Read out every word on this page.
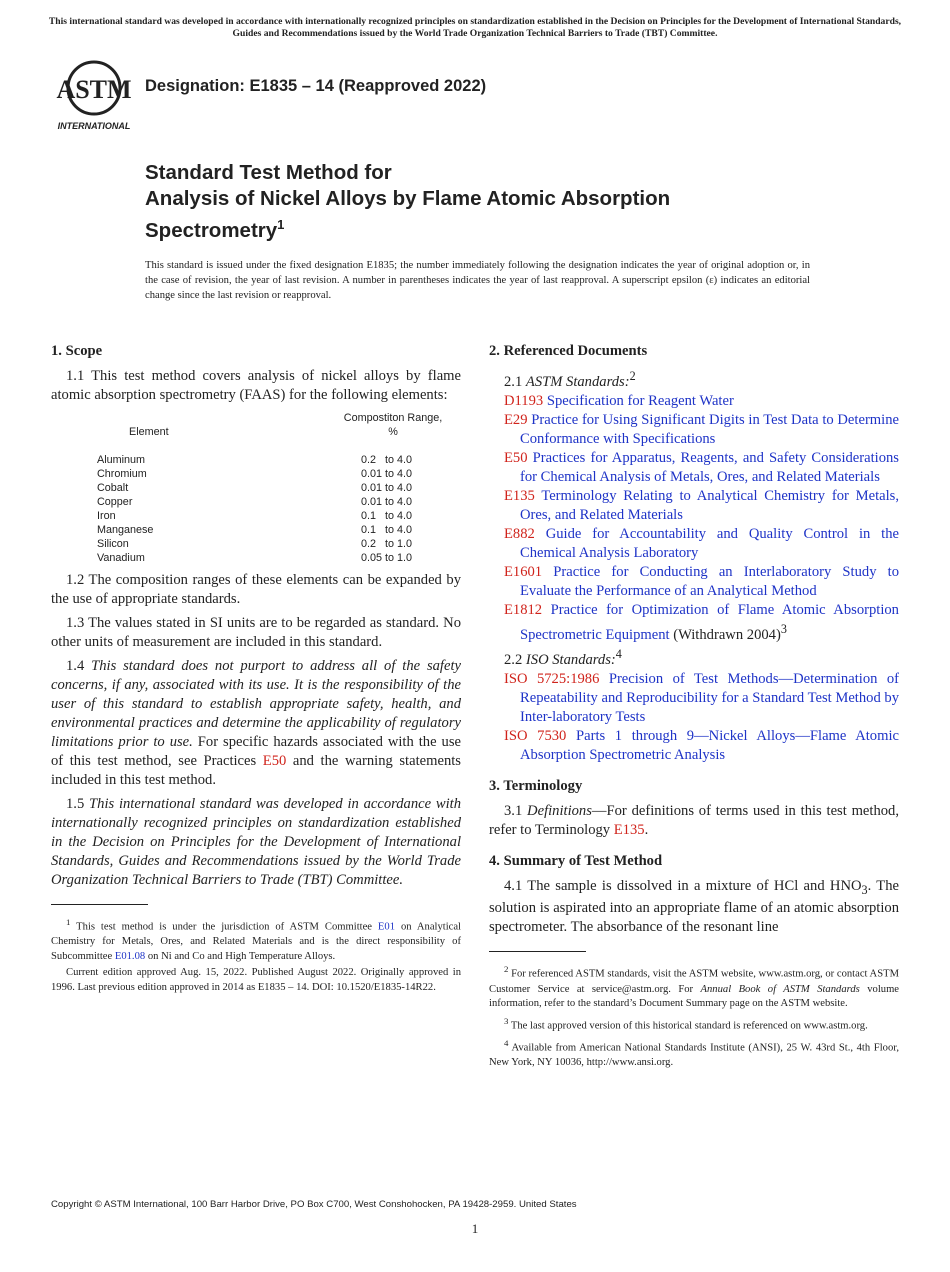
This international standard was developed in accordance with internationally recognized principles on standardization established in the Decision on Principles for the Development of International Standards, Guides and Recommendations issued by the World Trade Organization Technical Barriers to Trade (TBT) Committee.
ASTM
INTERNATIONAL
Designation: E1835 – 14 (Reapproved 2022)
Standard Test Method for
Analysis of Nickel Alloys by Flame Atomic Absorption
Spectrometry$^1$
This standard is issued under the fixed designation E1835; the number immediately following the designation indicates the year of original adoption or, in the case of revision, the year of last revision. A number in parentheses indicates the year of last reapproval. A superscript epsilon (ε) indicates an editorial change since the last revision or reapproval.
1. Scope

1.1 This test method covers analysis of nickel alloys by flame atomic absorption spectrometry (FAAS) for the following elements:

Element	Compostiton Range,
%

Aluminum	0.2   to 4.0
Chromium	0.01 to 4.0
Cobalt	0.01 to 4.0
Copper	0.01 to 4.0
Iron	0.1   to 4.0
Manganese	0.1   to 4.0
Silicon	0.2   to 1.0
Vanadium	0.05 to 1.0

1.2 The composition ranges of these elements can be expanded by the use of appropriate standards.

1.3 The values stated in SI units are to be regarded as standard. No other units of measurement are included in this standard.

1.4 This standard does not purport to address all of the safety concerns, if any, associated with its use. It is the responsibility of the user of this standard to establish appropriate safety, health, and environmental practices and determine the applicability of regulatory limitations prior to use. For specific hazards associated with the use of this test method, see Practices E50 and the warning statements included in this test method.

1.5 This international standard was developed in accordance with internationally recognized principles on standardization established in the Decision on Principles for the Development of International Standards, Guides and Recommendations issued by the World Trade Organization Technical Barriers to Trade (TBT) Committee.

$^1$ This test method is under the jurisdiction of ASTM Committee E01 on Analytical Chemistry for Metals, Ores, and Related Materials and is the direct responsibility of Subcommittee E01.08 on Ni and Co and High Temperature Alloys.

Current edition approved Aug. 15, 2022. Published August 2022. Originally approved in 1996. Last previous edition approved in 2014 as E1835 – 14. DOI: 10.1520/E1835-14R22.

2. Referenced Documents

2.1 ASTM Standards:$^2$

D1193 Specification for Reagent Water

E29 Practice for Using Significant Digits in Test Data to Determine Conformance with Specifications

E50 Practices for Apparatus, Reagents, and Safety Considerations for Chemical Analysis of Metals, Ores, and Related Materials

E135 Terminology Relating to Analytical Chemistry for Metals, Ores, and Related Materials

E882 Guide for Accountability and Quality Control in the Chemical Analysis Laboratory

E1601 Practice for Conducting an Interlaboratory Study to Evaluate the Performance of an Analytical Method

E1812 Practice for Optimization of Flame Atomic Absorption Spectrometric Equipment (Withdrawn 2004)$^3$

2.2 ISO Standards:$^4$

ISO 5725:1986 Precision of Test Methods—Determination of Repeatability and Reproducibility for a Standard Test Method by Inter-laboratory Tests

ISO 7530 Parts 1 through 9—Nickel Alloys—Flame Atomic Absorption Spectrometric Analysis

3. Terminology

3.1 Definitions—For definitions of terms used in this test method, refer to Terminology E135.

4. Summary of Test Method

4.1 The sample is dissolved in a mixture of HCl and $HNO_3$. The solution is aspirated into an appropriate flame of an atomic absorption spectrometer. The absorbance of the resonant line

$^2$ For referenced ASTM standards, visit the ASTM website, www.astm.org, or contact ASTM Customer Service at service@astm.org. For Annual Book of ASTM Standards volume information, refer to the standard’s Document Summary page on the ASTM website.

$^3$ The last approved version of this historical standard is referenced on www.astm.org.

$^4$ Available from American National Standards Institute (ANSI), 25 W. 43rd St., 4th Floor, New York, NY 10036, http://www.ansi.org.

Copyright © ASTM International, 100 Barr Harbor Drive, PO Box C700, West Conshohocken, PA 19428-2959. United States
1
